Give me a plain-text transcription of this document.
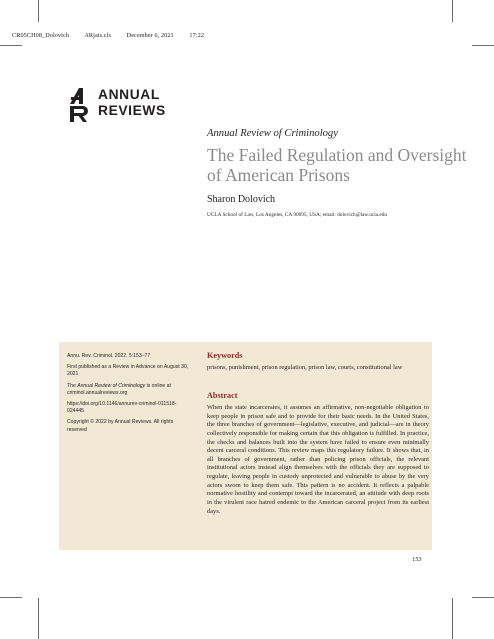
CR05CH08_Dolovich ARjats.cls	December 6, 2021	17:22
ANNUAL
REVIEWS
Annual Review of Criminology
The Failed Regulation and Oversight of American Prisons
Sharon Dolovich
UCLA School of Law, Los Angeles, CA 90095, USA; email: dolovich@law.ucla.edu

Annu. Rev. Criminol. 2022. 5:153–77

First published as a Review in Advance on August 30, 2021

The Annual Review of Criminology is online at criminol.annualreviews.org

https://doi.org/10.1146/annurev-criminol-011518-024445

Copyright © 2022 by Annual Reviews. All rights reserved

Keywords
prisons, punishment, prison regulation, prison law, courts, constitutional law
Abstract
When the state incarcerates, it assumes an affirmative, non-negotiable obligation to keep people in prison safe and to provide for their basic needs. In the United States, the three branches of government—legislative, executive, and judicial—are in theory collectively responsible for making certain that this obligation is fulfilled. In practice, the checks and balances built into the system have failed to ensure even minimally decent carceral conditions. This review maps this regulatory failure. It shows that, in all branches of government, rather than policing prison officials, the relevant institutional actors instead align themselves with the officials they are supposed to regulate, leaving people in custody unprotected and vulnerable to abuse by the very actors sworn to keep them safe. This pattern is no accident. It reflects a palpable normative hostility and contempt toward the incarcerated, an attitude with deep roots in the virulent race hatred endemic to the American carceral project from its earliest days.
153
